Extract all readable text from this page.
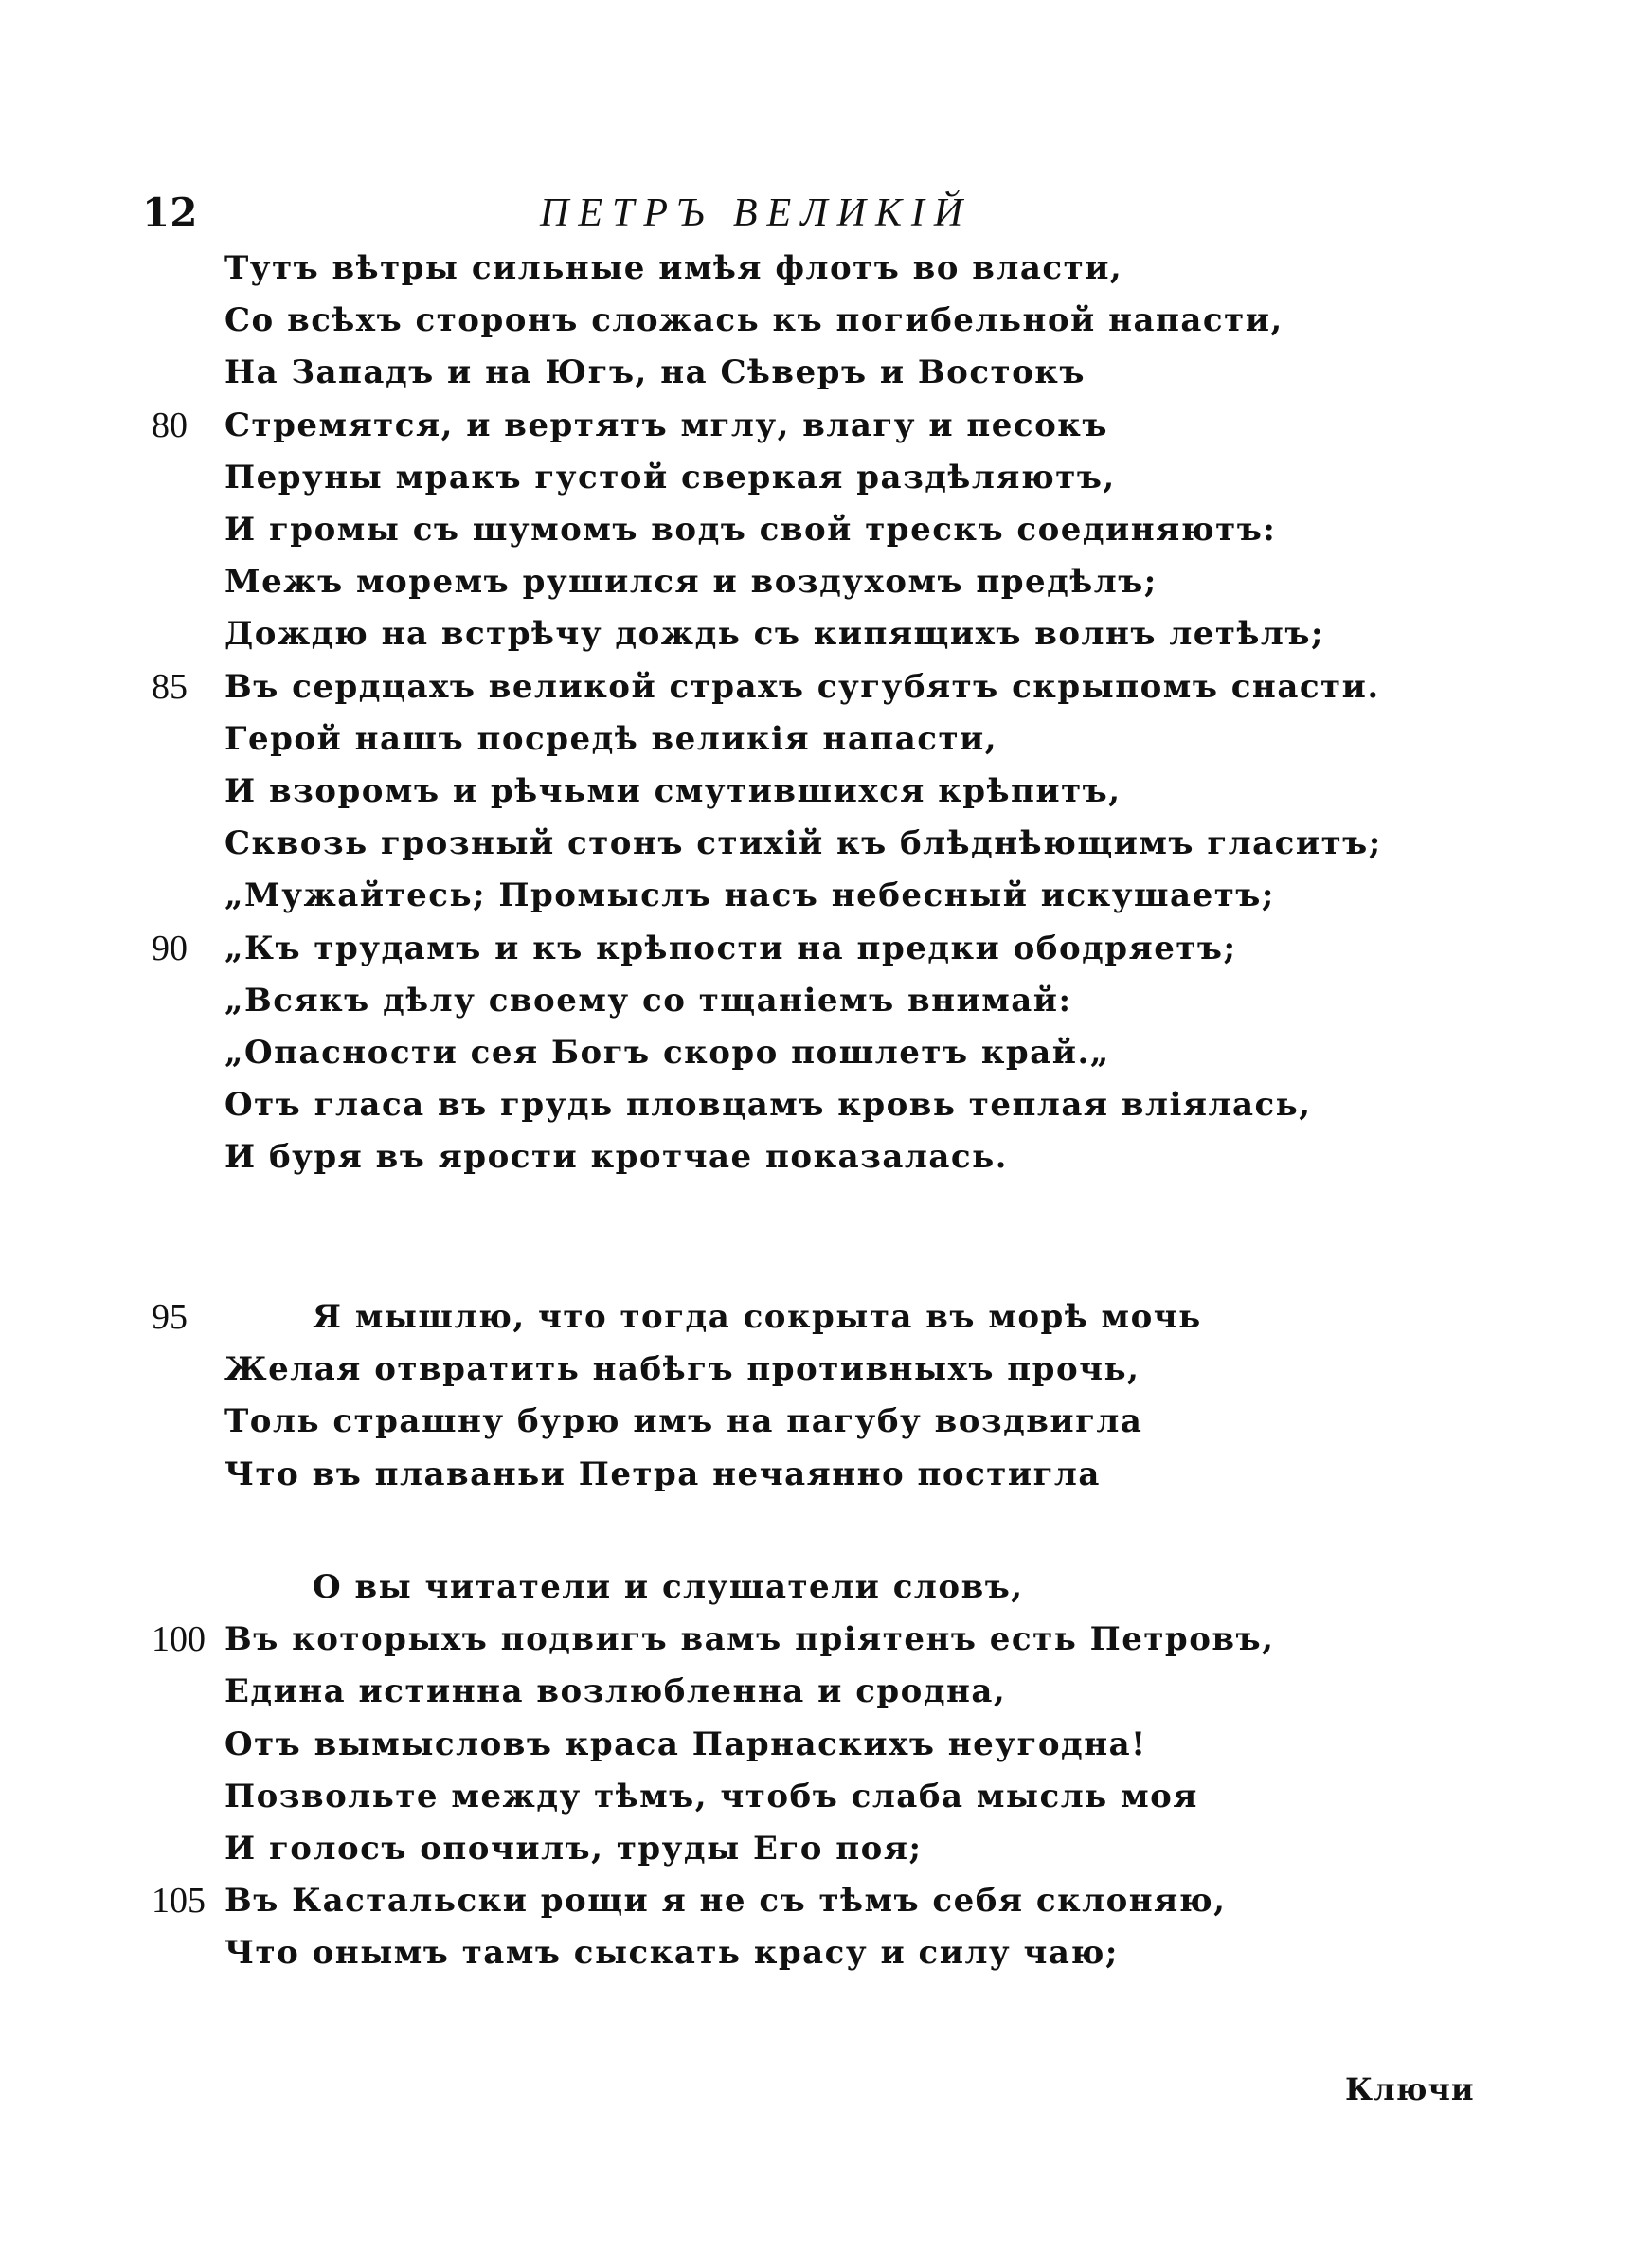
12	ПЕТРЪ ВЕЛИКIЙ
Тутъ вѣтры сильные имѣя флотъ во власти,
Со всѣхъ сторонъ сложась къ погибельной напасти,
На Западъ и на Югъ, на Сѣверъ и Востокъ
Стремятся, и вертятъ мглу, влагу и песокъ
80
Перуны мракъ густой сверкая раздѣляютъ,
И громы съ шумомъ водъ свой трескъ соединяютъ:
Межъ моремъ рушился и воздухомъ предѣлъ;
Дождю на встрѣчу дождь съ кипящихъ волнъ летѣлъ;
Въ сердцахъ великой страхъ сугубятъ скрыпомъ снасти.
85
Герой нашъ посредѣ великiя напасти,
И взоромъ и рѣчьми смутившихся крѣпитъ,
Сквозь грозный стонъ стихiй къ блѣднѣющимъ гласитъ;
„Мужайтесь; Промыслъ насъ небесный искушаетъ;
„Къ трудамъ и къ крѣпости на предки ободряетъ;
90
„Всякъ дѣлу своему со тщанiемъ внимай:
„Опасности сея Богъ скоро пошлетъ край.„
Отъ гласа въ грудь пловцамъ кровь теплая влiялась,
И буря въ ярости кротчае показалась.
Я мышлю, что тогда сокрыта въ морѣ мочь
95
Желая отвратить набѣгъ противныхъ прочь,
Толь страшну бурю имъ на пагубу воздвигла
Что въ плаваньи Петра нечаянно постигла
О вы читатели и слушатели словъ,
Въ которыхъ подвигъ вамъ прiятенъ есть Петровъ,
100
Едина истинна возлюбленна и сродна,
Отъ вымысловъ краса Парнаскихъ неугодна!
Позвольте между тѣмъ, чтобъ слаба мысль моя
И голосъ опочилъ, труды Его поя;
Въ Кастальски рощи я не съ тѣмъ себя склоняю,
105
Что онымъ тамъ сыскать красу и силу чаю;
Ключи
